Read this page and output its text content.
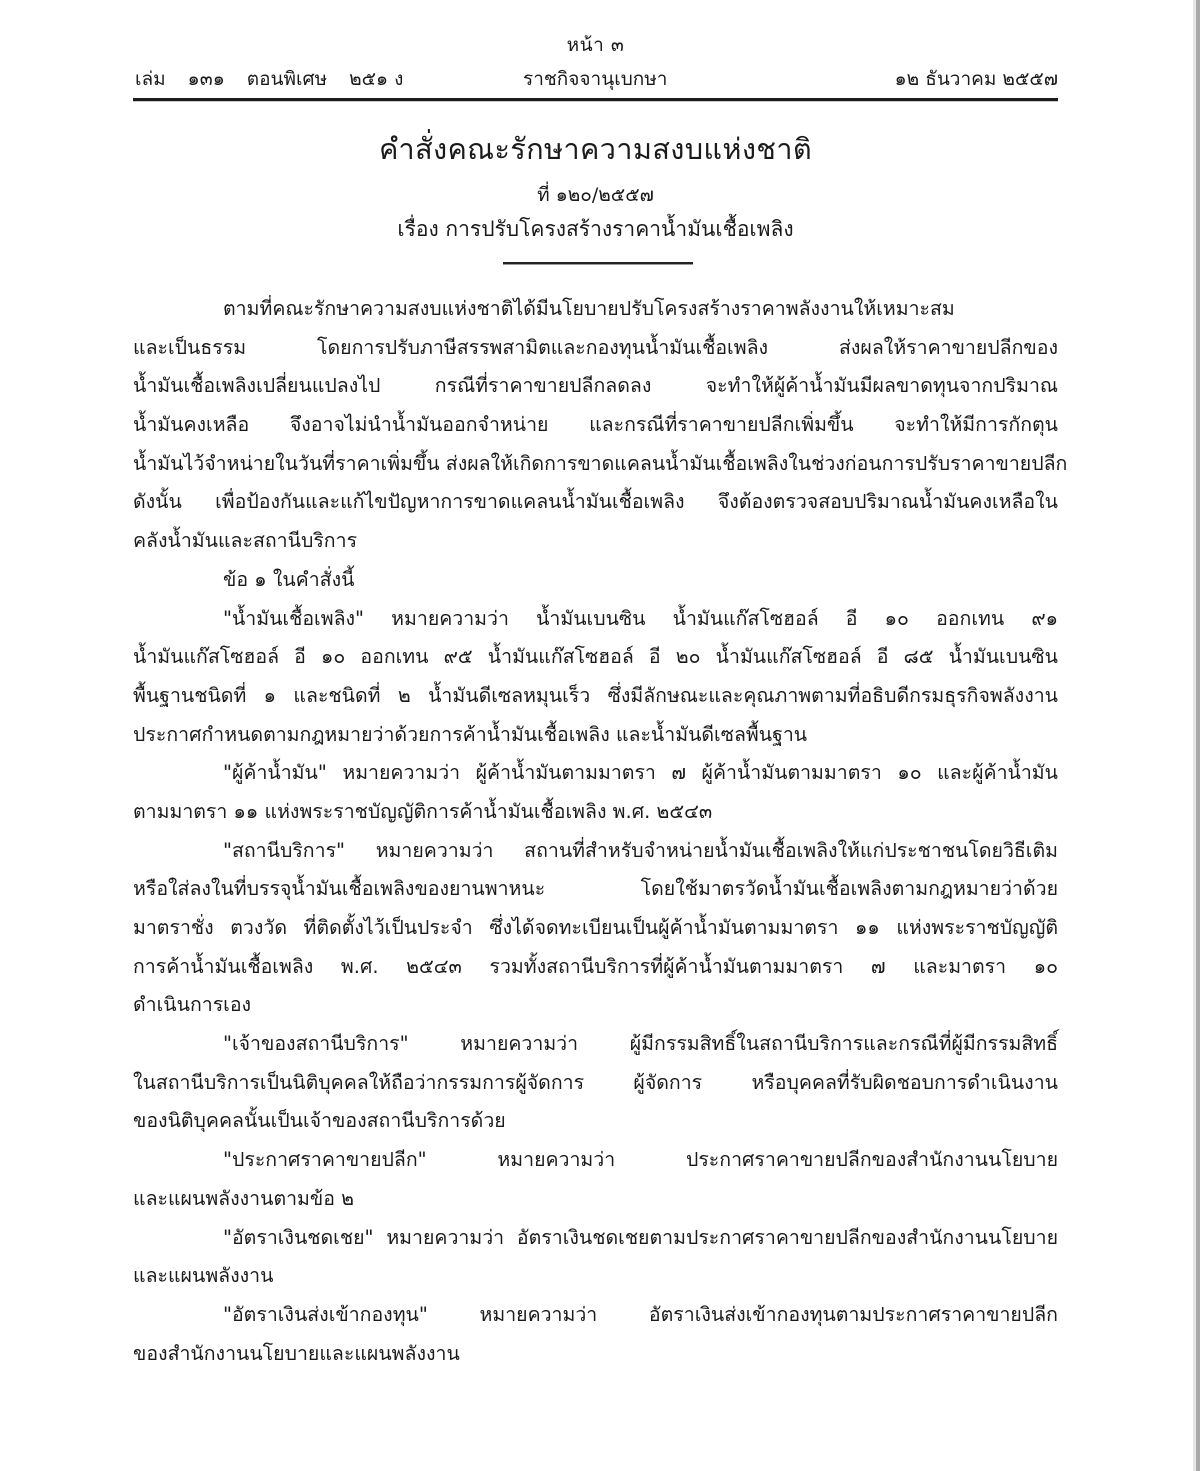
หน้า ๓
เล่ม ๑๓๑ ตอนพิเศษ ๒๕๑ ง	ราชกิจจานุเบกษา	๑๒ ธันวาคม ๒๕๕๗
คำสั่งคณะรักษาความสงบแห่งชาติ
ที่ ๑๒๐/๒๕๕๗
เรื่อง การปรับโครงสร้างราคาน้ำมันเชื้อเพลิง
ตามที่คณะรักษาความสงบแห่งชาติได้มีนโยบายปรับโครงสร้างราคาพลังงานให้เหมาะสม
และเป็นธรรม โดยการปรับภาษีสรรพสามิตและกองทุนน้ำมันเชื้อเพลิง ส่งผลให้ราคาขายปลีกของ
น้ำมันเชื้อเพลิงเปลี่ยนแปลงไป กรณีที่ราคาขายปลีกลดลง จะทำให้ผู้ค้าน้ำมันมีผลขาดทุนจากปริมาณ
น้ำมันคงเหลือ จึงอาจไม่นำน้ำมันออกจำหน่าย และกรณีที่ราคาขายปลีกเพิ่มขึ้น จะทำให้มีการกักตุน
น้ำมันไว้จำหน่ายในวันที่ราคาเพิ่มขึ้น ส่งผลให้เกิดการขาดแคลนน้ำมันเชื้อเพลิงในช่วงก่อนการปรับราคาขายปลีก
ดังนั้น เพื่อป้องกันและแก้ไขปัญหาการขาดแคลนน้ำมันเชื้อเพลิง จึงต้องตรวจสอบปริมาณน้ำมันคงเหลือใน
คลังน้ำมันและสถานีบริการ
ข้อ ๑ ในคำสั่งนี้
"น้ำมันเชื้อเพลิง" หมายความว่า น้ำมันเบนซิน น้ำมันแก๊สโซฮอล์ อี ๑๐ ออกเทน ๙๑
น้ำมันแก๊สโซฮอล์ อี ๑๐ ออกเทน ๙๕ น้ำมันแก๊สโซฮอล์ อี ๒๐ น้ำมันแก๊สโซฮอล์ อี ๘๕ น้ำมันเบนซิน
พื้นฐานชนิดที่ ๑ และชนิดที่ ๒ น้ำมันดีเซลหมุนเร็ว ซึ่งมีลักษณะและคุณภาพตามที่อธิบดีกรมธุรกิจพลังงาน
ประกาศกำหนดตามกฎหมายว่าด้วยการค้าน้ำมันเชื้อเพลิง และน้ำมันดีเซลพื้นฐาน
"ผู้ค้าน้ำมัน" หมายความว่า ผู้ค้าน้ำมันตามมาตรา ๗ ผู้ค้าน้ำมันตามมาตรา ๑๐ และผู้ค้าน้ำมัน
ตามมาตรา ๑๑ แห่งพระราชบัญญัติการค้าน้ำมันเชื้อเพลิง พ.ศ. ๒๕๔๓
"สถานีบริการ" หมายความว่า สถานที่สำหรับจำหน่ายน้ำมันเชื้อเพลิงให้แก่ประชาชนโดยวิธีเติม
หรือใส่ลงในที่บรรจุน้ำมันเชื้อเพลิงของยานพาหนะ โดยใช้มาตรวัดน้ำมันเชื้อเพลิงตามกฎหมายว่าด้วย
มาตราชั่ง ตวงวัด ที่ติดตั้งไว้เป็นประจำ ซึ่งได้จดทะเบียนเป็นผู้ค้าน้ำมันตามมาตรา ๑๑ แห่งพระราชบัญญัติ
การค้าน้ำมันเชื้อเพลิง พ.ศ. ๒๕๔๓ รวมทั้งสถานีบริการที่ผู้ค้าน้ำมันตามมาตรา ๗ และมาตรา ๑๐
ดำเนินการเอง
"เจ้าของสถานีบริการ" หมายความว่า ผู้มีกรรมสิทธิ์ในสถานีบริการและกรณีที่ผู้มีกรรมสิทธิ์
ในสถานีบริการเป็นนิติบุคคลให้ถือว่ากรรมการผู้จัดการ ผู้จัดการ หรือบุคคลที่รับผิดชอบการดำเนินงาน
ของนิติบุคคลนั้นเป็นเจ้าของสถานีบริการด้วย
"ประกาศราคาขายปลีก" หมายความว่า ประกาศราคาขายปลีกของสำนักงานนโยบาย
และแผนพลังงานตามข้อ ๒
"อัตราเงินชดเชย" หมายความว่า อัตราเงินชดเชยตามประกาศราคาขายปลีกของสำนักงานนโยบาย
และแผนพลังงาน
"อัตราเงินส่งเข้ากองทุน" หมายความว่า อัตราเงินส่งเข้ากองทุนตามประกาศราคาขายปลีก
ของสำนักงานนโยบายและแผนพลังงาน
